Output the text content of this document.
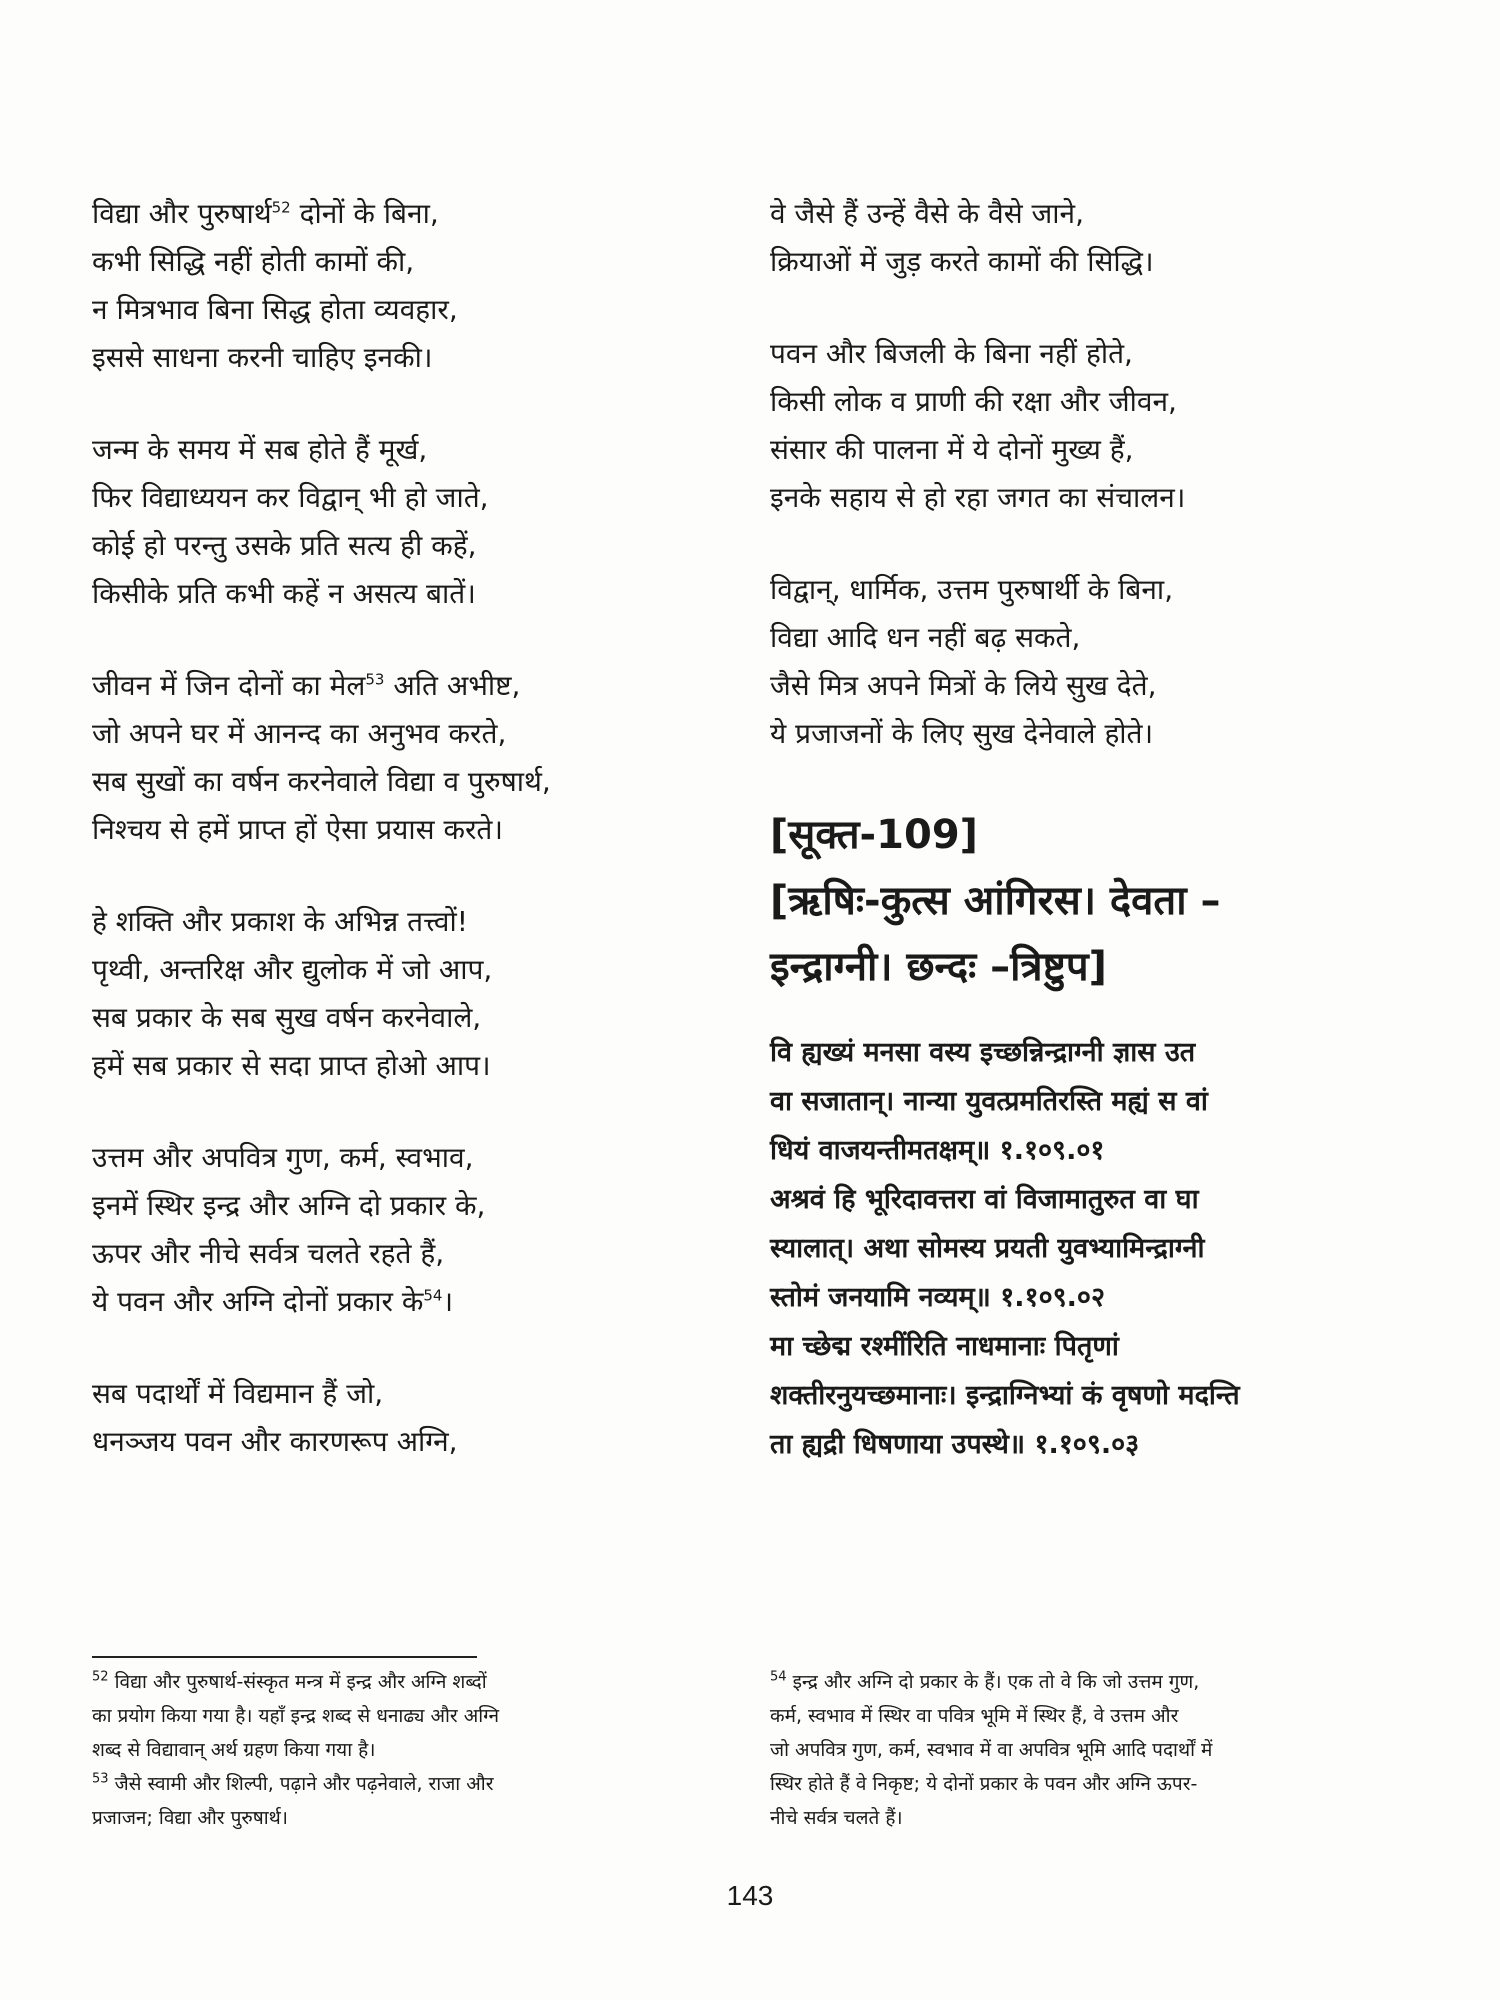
विद्या और पुरुषार्थ$^{52}$ दोनों के बिना,
कभी सिद्धि नहीं होती कामों की,
न मित्रभाव बिना सिद्ध होता व्यवहार,
इससे साधना करनी चाहिए इनकी।
जन्म के समय में सब होते हैं मूर्ख,
फिर विद्याध्ययन कर विद्वान् भी हो जाते,
कोई हो परन्तु उसके प्रति सत्य ही कहें,
किसीके प्रति कभी कहें न असत्य बातें।
जीवन में जिन दोनों का मेल$^{53}$ अति अभीष्ट,
जो अपने घर में आनन्द का अनुभव करते,
सब सुखों का वर्षन करनेवाले विद्या व पुरुषार्थ,
निश्चय से हमें प्राप्त हों ऐसा प्रयास करते।
हे शक्ति और प्रकाश के अभिन्न तत्त्वों!
पृथ्वी, अन्तरिक्ष और द्युलोक में जो आप,
सब प्रकार के सब सुख वर्षन करनेवाले,
हमें सब प्रकार से सदा प्राप्त होओ आप।
उत्तम और अपवित्र गुण, कर्म, स्वभाव,
इनमें स्थिर इन्द्र और अग्नि दो प्रकार के,
ऊपर और नीचे सर्वत्र चलते रहते हैं,
ये पवन और अग्नि दोनों प्रकार के$^{54}$।
सब पदार्थों में विद्यमान हैं जो,
धनञ्जय पवन और कारणरूप अग्नि,
वे जैसे हैं उन्हें वैसे के वैसे जाने,
क्रियाओं में जुड़ करते कामों की सिद्धि।
पवन और बिजली के बिना नहीं होते,
किसी लोक व प्राणी की रक्षा और जीवन,
संसार की पालना में ये दोनों मुख्य हैं,
इनके सहाय से हो रहा जगत का संचालन।
विद्वान्, धार्मिक, उत्तम पुरुषार्थी के बिना,
विद्या आदि धन नहीं बढ़ सकते,
जैसे मित्र अपने मित्रों के लिये सुख देते,
ये प्रजाजनों के लिए सुख देनेवाले होते।
[सूक्त-109]
[ऋषिः-कुत्स आंगिरस। देवता –
इन्द्राग्नी। छन्दः –त्रिष्टुप]
वि ह्यख्यं मनसा वस्य इच्छन्निन्द्राग्नी ज्ञास उत
वा सजातान्। नान्या युवत्प्रमतिरस्ति मह्यं स वां
धियं वाजयन्तीमतक्षम्॥ १.१०९.०१
अश्रवं हि भूरिदावत्तरा वां विजामातुरुत वा घा
स्यालात्। अथा सोमस्य प्रयती युवभ्यामिन्द्राग्नी
स्तोमं जनयामि नव्यम्॥ १.१०९.०२
मा च्छेद्म रश्मींरिति नाधमानाः पितृणां
शक्तीरनुयच्छमानाः। इन्द्राग्निभ्यां कं वृषणो मदन्ति
ता ह्यद्री धिषणाया उपस्थे॥ १.१०९.०३
$^{52}$ विद्या और पुरुषार्थ-संस्कृत मन्त्र में इन्द्र और अग्नि शब्दों
का प्रयोग किया गया है। यहाँ इन्द्र शब्द से धनाढ्य और अग्नि
शब्द से विद्यावान् अर्थ ग्रहण किया गया है।
$^{53}$ जैसे स्वामी और शिल्पी, पढ़ाने और पढ़नेवाले, राजा और
प्रजाजन; विद्या और पुरुषार्थ।
$^{54}$ इन्द्र और अग्नि दो प्रकार के हैं। एक तो वे कि जो उत्तम गुण,
कर्म, स्वभाव में स्थिर वा पवित्र भूमि में स्थिर हैं, वे उत्तम और
जो अपवित्र गुण, कर्म, स्वभाव में वा अपवित्र भूमि आदि पदार्थों में
स्थिर होते हैं वे निकृष्ट; ये दोनों प्रकार के पवन और अग्नि ऊपर-
नीचे सर्वत्र चलते हैं।
143
